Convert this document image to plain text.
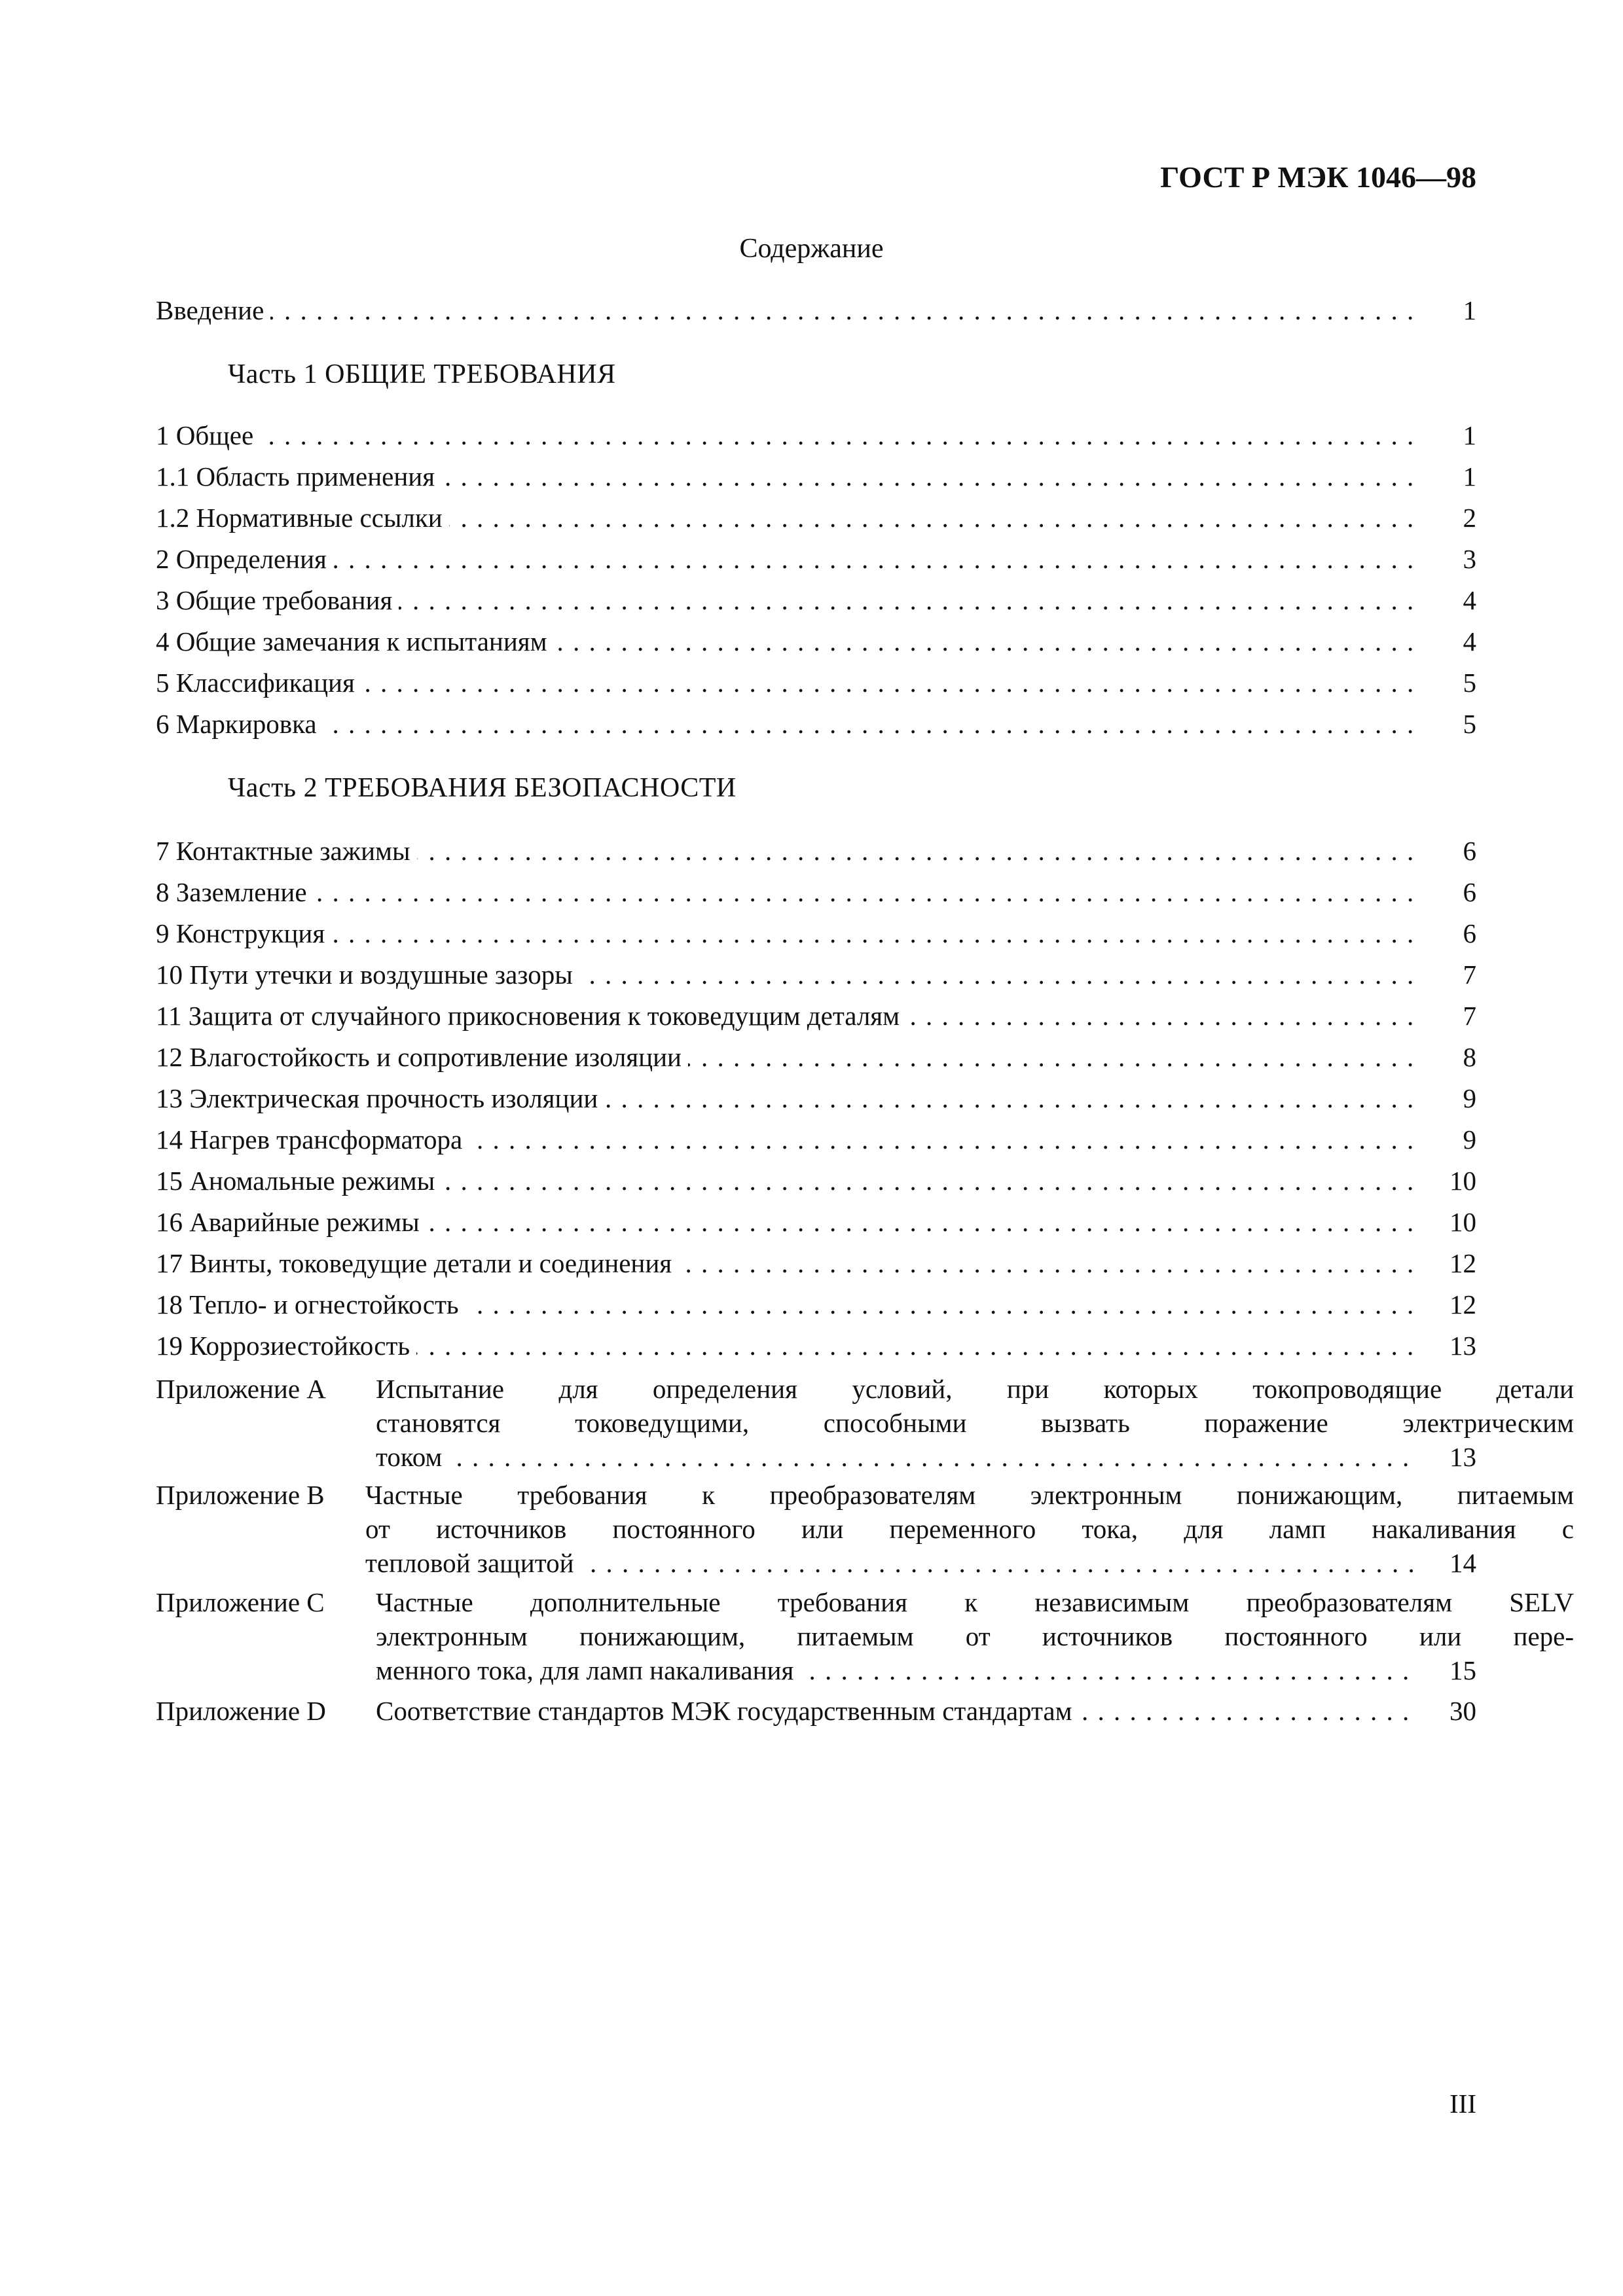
ГОСТ Р МЭК 1046—98
Содержание
Введение . . .	1
Часть 1 ОБЩИЕ ТРЕБОВАНИЯ
1 Общее . . .	1
1.1 Область применения . . .	1
1.2 Нормативные ссылки . . .	2
2 Определения . . .	3
3 Общие требования . . .	4
4 Общие замечания к испытаниям . . .	4
5 Классификация . . .	5
6 Маркировка . . .	5
Часть 2 ТРЕБОВАНИЯ БЕЗОПАСНОСТИ
7 Контактные зажимы . . .	6
8 Заземление . . .	6
9 Конструкция . . .	6
10 Пути утечки и воздушные зазоры . . .	7
11 Защита от случайного прикосновения к токоведущим деталям . . .	7
12 Влагостойкость и сопротивление изоляции . . .	8
13 Электрическая прочность изоляции . . .	9
14 Нагрев трансформатора . . .	9
15 Аномальные режимы . . .	10
16 Аварийные режимы . . .	10
17 Винты, токоведущие детали и соединения . . .	12
18 Тепло- и огнестойкость . . .	12
19 Коррозиестойкость . . .	13
Приложение A Испытание для определения условий, при которых токопроводящие детали
становятся токоведущими, способными вызвать поражение электрическим
током . . .	13
Приложение B Частные требования к преобразователям электронным понижающим, питаемым
от источников постоянного или переменного тока, для ламп накаливания с
тепловой защитой . . .	14
Приложение C Частные дополнительные требования к независимым преобразователям SELV
электронным понижающим, питаемым от источников постоянного или пере-
менного тока, для ламп накаливания . . .	15
Приложение D Соответствие стандартов МЭК государственным стандартам . . .	30
III
